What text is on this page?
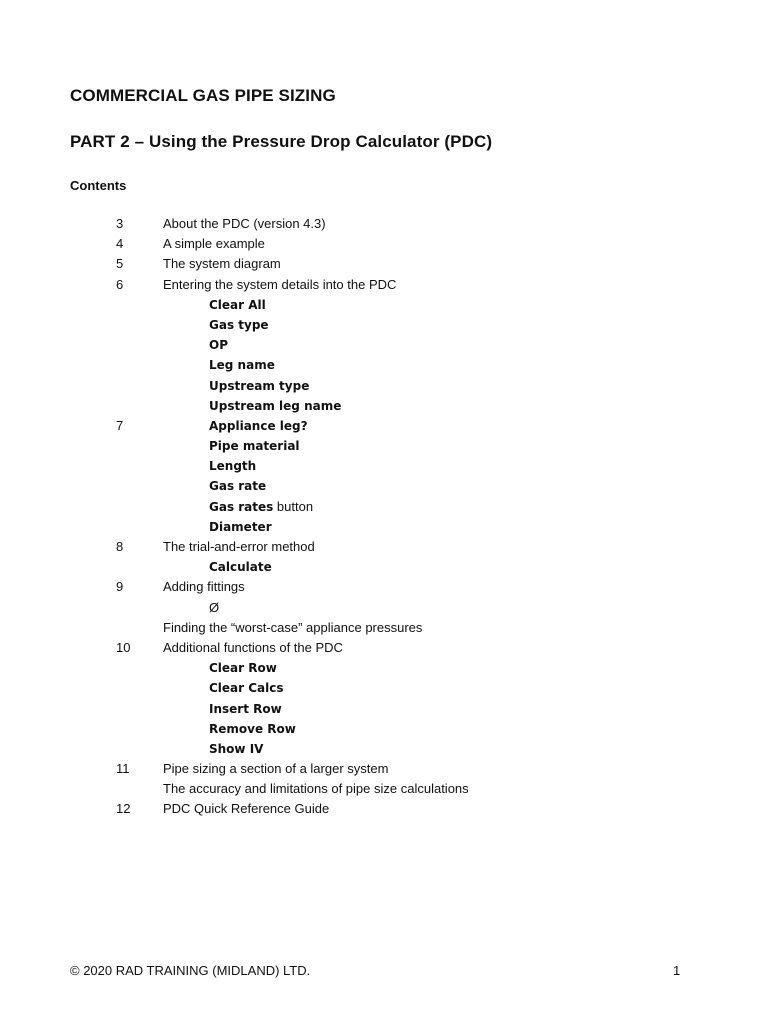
COMMERCIAL GAS PIPE SIZING
PART 2 – Using the Pressure Drop Calculator (PDC)
Contents
3	About the PDC (version 4.3)
4	A simple example
5	The system diagram
6	Entering the system details into the PDC
Clear All
Gas type
OP
Leg name
Upstream type
Upstream leg name
7	Appliance leg?
Pipe material
Length
Gas rate
Gas rates button
Diameter
8	The trial-and-error method
Calculate
9	Adding fittings
Ø
Finding the “worst-case” appliance pressures
10	Additional functions of the PDC
Clear Row
Clear Calcs
Insert Row
Remove Row
Show IV
11	Pipe sizing a section of a larger system
The accuracy and limitations of pipe size calculations
12	PDC Quick Reference Guide
© 2020 RAD TRAINING (MIDLAND) LTD.	1
